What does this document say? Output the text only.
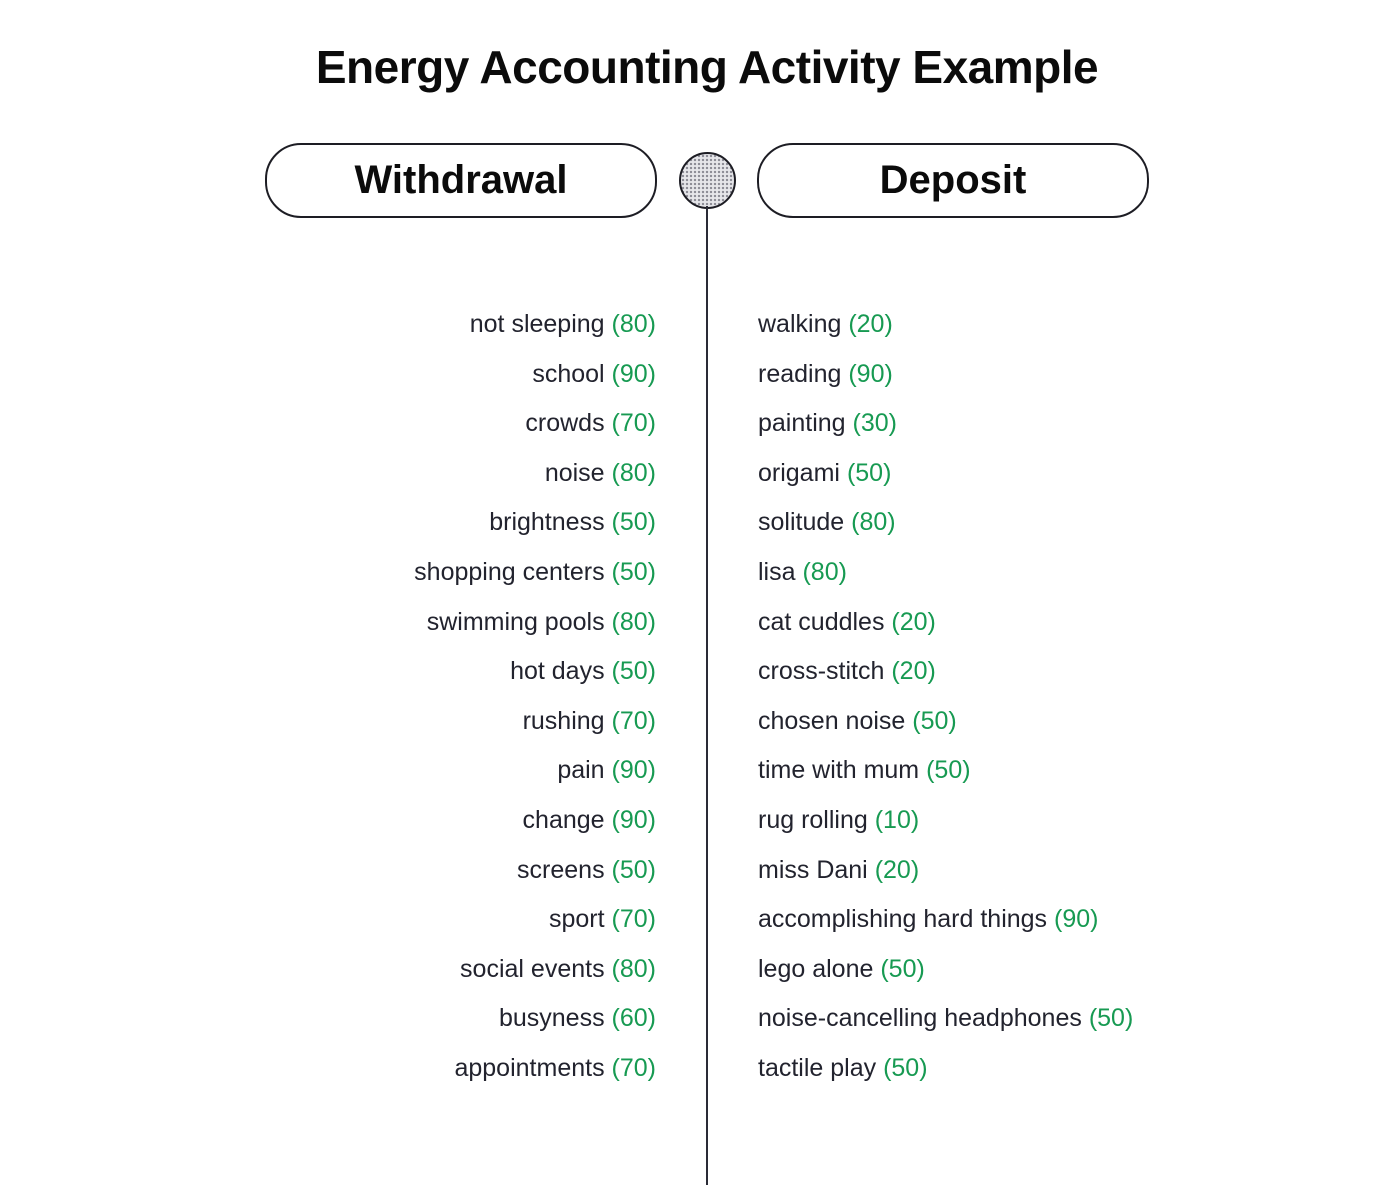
Energy Accounting Activity Example
Withdrawal	Deposit
not sleeping (80)
school (90)
crowds (70)
noise (80)
brightness (50)
shopping centers (50)
swimming pools (80)
hot days (50)
rushing (70)
pain (90)
change (90)
screens (50)
sport (70)
social events (80)
busyness (60)
appointments (70)
walking (20)
reading (90)
painting (30)
origami (50)
solitude (80)
lisa (80)
cat cuddles (20)
cross-stitch (20)
chosen noise (50)
time with mum (50)
rug rolling (10)
miss Dani (20)
accomplishing hard things (90)
lego alone (50)
noise-cancelling headphones (50)
tactile play (50)
